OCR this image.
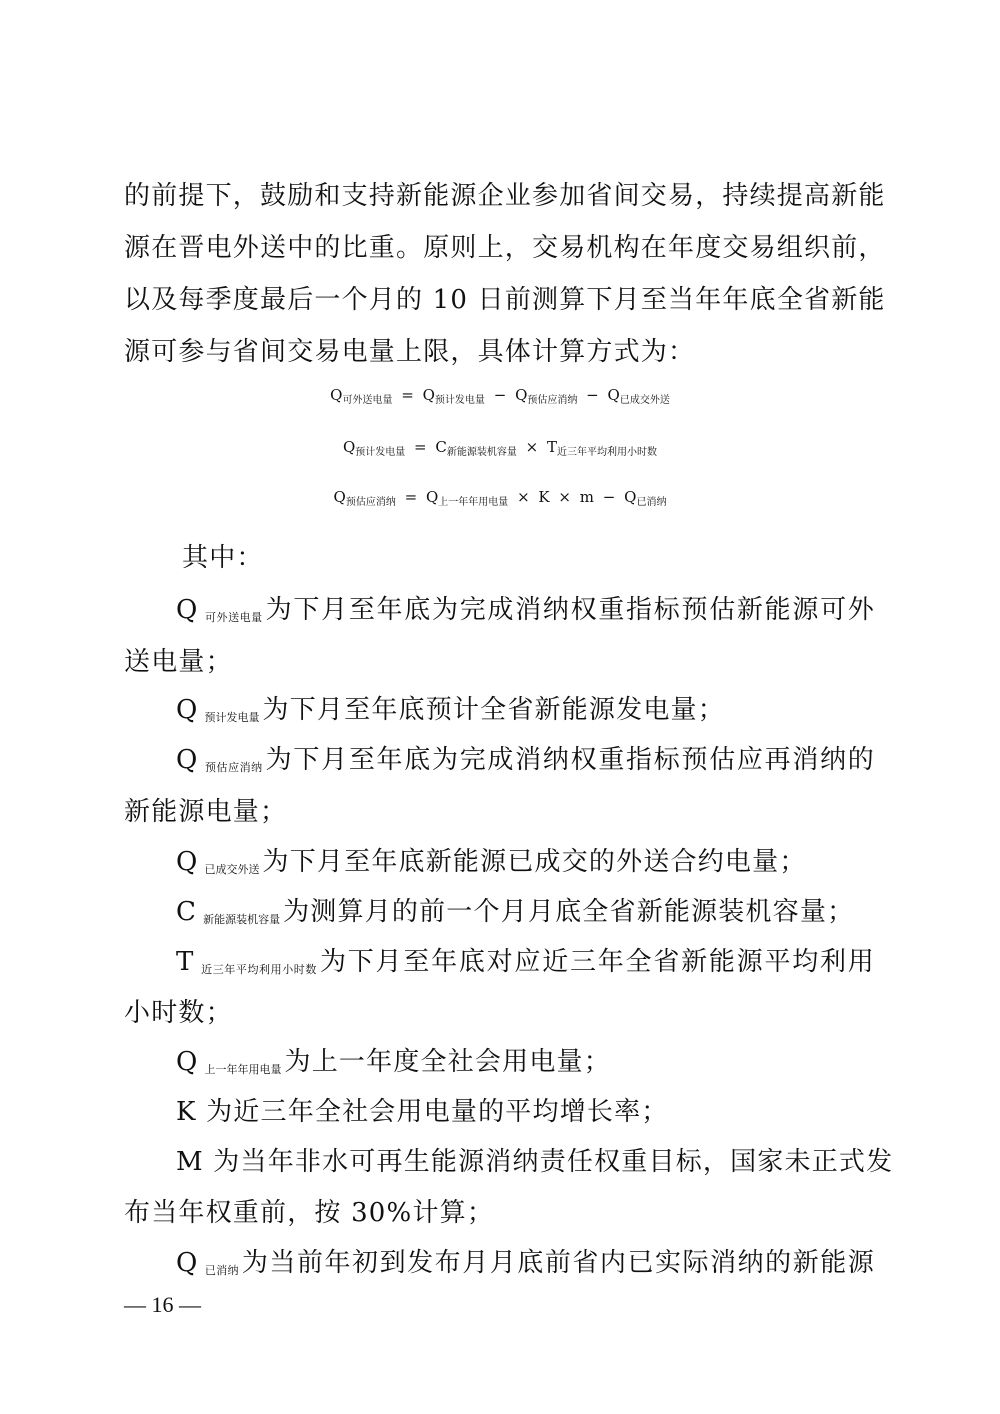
的前提下，鼓励和支持新能源企业参加省间交易，持续提高新能
源在晋电外送中的比重。原则上，交易机构在年度交易组织前，
以及每季度最后一个月的 10 日前测算下月至当年年底全省新能
源可参与省间交易电量上限，具体计算方式为：
$Q_{可外送电量} = Q_{预计发电量} - Q_{预估应消纳} - Q_{已成交外送}$
$Q_{预计发电量} = C_{新能源装机容量} \times T_{近三年平均利用小时数}$
$Q_{预估应消纳} = Q_{上一年年用电量} \times K \times m - Q_{已消纳}$
其中：
Q $_{可外送电量}$ 为下月至年底为完成消纳权重指标预估新能源可外
送电量；
Q $_{预计发电量}$ 为下月至年底预计全省新能源发电量；
Q $_{预估应消纳}$ 为下月至年底为完成消纳权重指标预估应再消纳的
新能源电量；
Q $_{已成交外送}$ 为下月至年底新能源已成交的外送合约电量；
C $_{新能源装机容量}$ 为测算月的前一个月月底全省新能源装机容量；
T $_{近三年平均利用小时数}$ 为下月至年底对应近三年全省新能源平均利用
小时数；
Q $_{上一年年用电量}$ 为上一年度全社会用电量；
K 为近三年全社会用电量的平均增长率；
M 为当年非水可再生能源消纳责任权重目标，国家未正式发
布当年权重前，按 30%计算；
Q $_{已消纳}$ 为当前年初到发布月月底前省内已实际消纳的新能源
— 16 —
